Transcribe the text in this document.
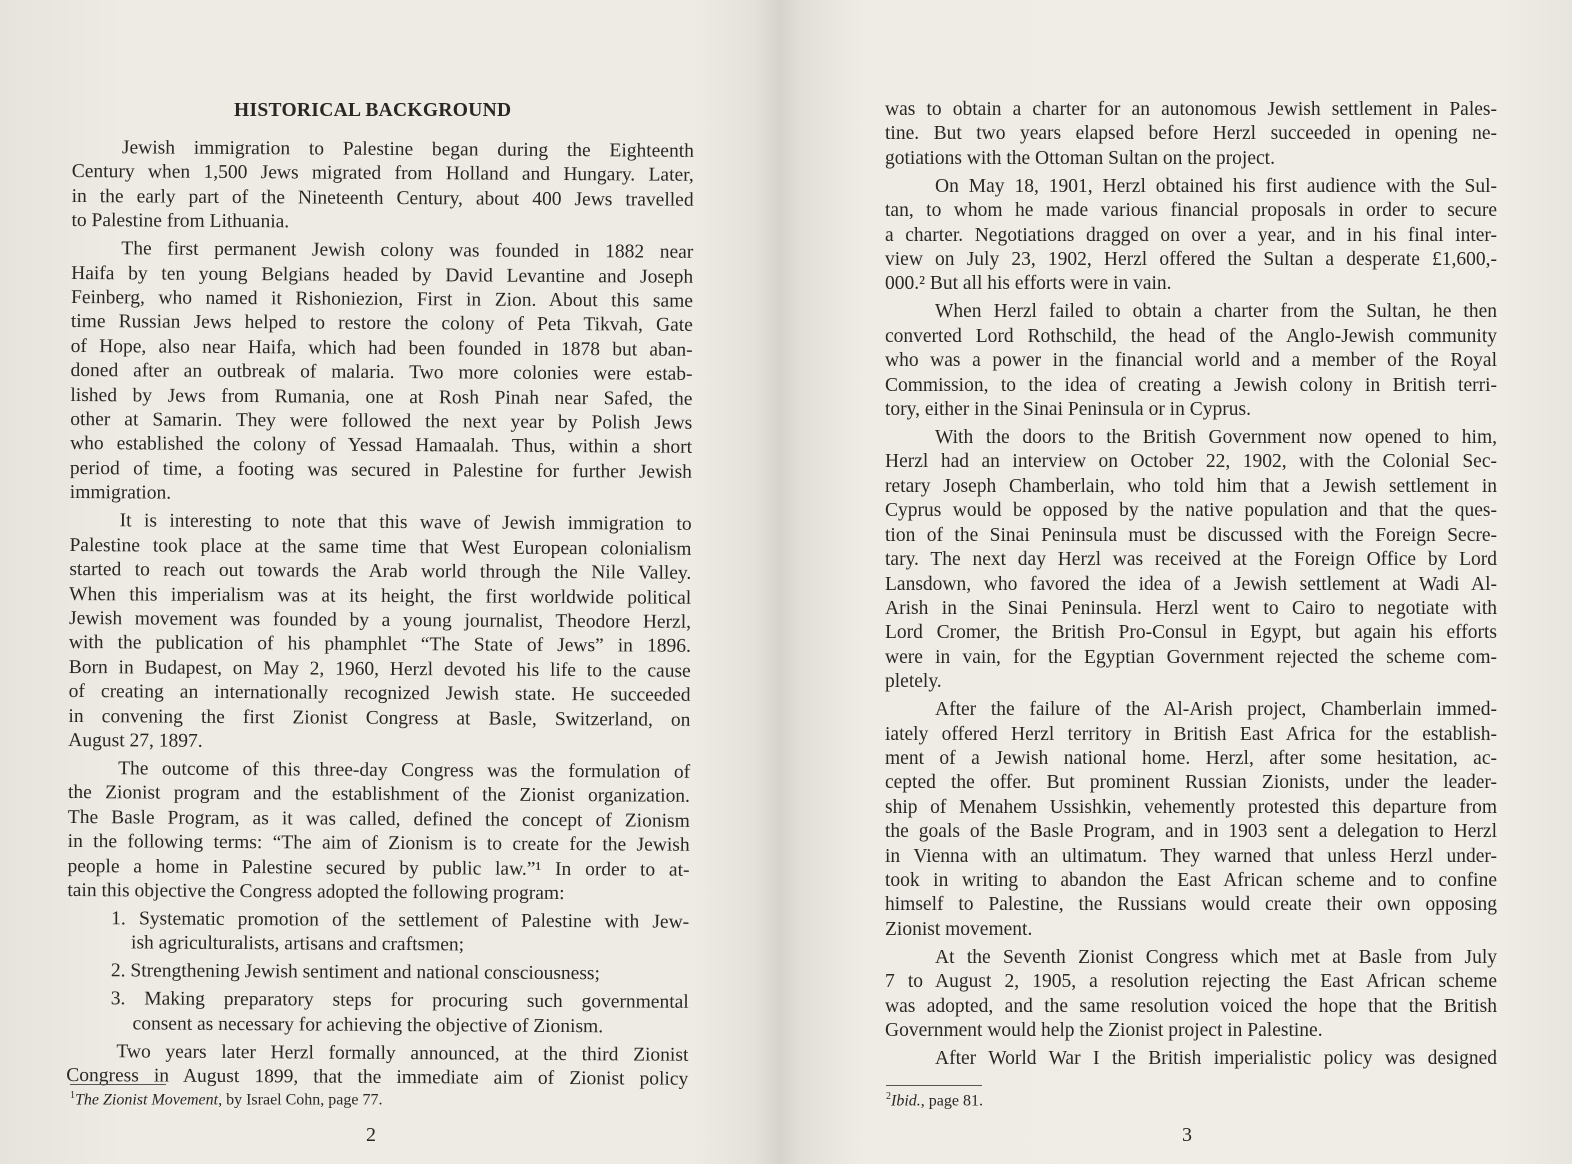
HISTORICAL BACKGROUND
Jewish immigration to Palestine began during the Eighteenth
Century when 1,500 Jews migrated from Holland and Hungary. Later,
in the early part of the Nineteenth Century, about 400 Jews travelled
to Palestine from Lithuania.
The first permanent Jewish colony was founded in 1882 near
Haifa by ten young Belgians headed by David Levantine and Joseph
Feinberg, who named it Rishoniezion, First in Zion. About this same
time Russian Jews helped to restore the colony of Peta Tikvah, Gate
of Hope, also near Haifa, which had been founded in 1878 but aban-
doned after an outbreak of malaria. Two more colonies were estab-
lished by Jews from Rumania, one at Rosh Pinah near Safed, the
other at Samarin. They were followed the next year by Polish Jews
who established the colony of Yessad Hamaalah. Thus, within a short
period of time, a footing was secured in Palestine for further Jewish
immigration.
It is interesting to note that this wave of Jewish immigration to
Palestine took place at the same time that West European colonialism
started to reach out towards the Arab world through the Nile Valley.
When this imperialism was at its height, the first worldwide political
Jewish movement was founded by a young journalist, Theodore Herzl,
with the publication of his phamphlet “The State of Jews” in 1896.
Born in Budapest, on May 2, 1960, Herzl devoted his life to the cause
of creating an internationally recognized Jewish state. He succeeded
in convening the first Zionist Congress at Basle, Switzerland, on
August 27, 1897.
The outcome of this three-day Congress was the formulation of
the Zionist program and the establishment of the Zionist organization.
The Basle Program, as it was called, defined the concept of Zionism
in the following terms: “The aim of Zionism is to create for the Jewish
people a home in Palestine secured by public law.”¹ In order to at-
tain this objective the Congress adopted the following program:
1. Systematic promotion of the settlement of Palestine with Jew-
ish agriculturalists, artisans and craftsmen;
2. Strengthening Jewish sentiment and national consciousness;
3. Making preparatory steps for procuring such governmental
consent as necessary for achieving the objective of Zionism.
Two years later Herzl formally announced, at the third Zionist
Congress in August 1899, that the immediate aim of Zionist policy
was to obtain a charter for an autonomous Jewish settlement in Pales-
tine. But two years elapsed before Herzl succeeded in opening ne-
gotiations with the Ottoman Sultan on the project.
On May 18, 1901, Herzl obtained his first audience with the Sul-
tan, to whom he made various financial proposals in order to secure
a charter. Negotiations dragged on over a year, and in his final inter-
view on July 23, 1902, Herzl offered the Sultan a desperate £1,600,-
000.² But all his efforts were in vain.
When Herzl failed to obtain a charter from the Sultan, he then
converted Lord Rothschild, the head of the Anglo-Jewish community
who was a power in the financial world and a member of the Royal
Commission, to the idea of creating a Jewish colony in British terri-
tory, either in the Sinai Peninsula or in Cyprus.
With the doors to the British Government now opened to him,
Herzl had an interview on October 22, 1902, with the Colonial Sec-
retary Joseph Chamberlain, who told him that a Jewish settlement in
Cyprus would be opposed by the native population and that the ques-
tion of the Sinai Peninsula must be discussed with the Foreign Secre-
tary. The next day Herzl was received at the Foreign Office by Lord
Lansdown, who favored the idea of a Jewish settlement at Wadi Al-
Arish in the Sinai Peninsula. Herzl went to Cairo to negotiate with
Lord Cromer, the British Pro-Consul in Egypt, but again his efforts
were in vain, for the Egyptian Government rejected the scheme com-
pletely.
After the failure of the Al-Arish project, Chamberlain immed-
iately offered Herzl territory in British East Africa for the establish-
ment of a Jewish national home. Herzl, after some hesitation, ac-
cepted the offer. But prominent Russian Zionists, under the leader-
ship of Menahem Ussishkin, vehemently protested this departure from
the goals of the Basle Program, and in 1903 sent a delegation to Herzl
in Vienna with an ultimatum. They warned that unless Herzl under-
took in writing to abandon the East African scheme and to confine
himself to Palestine, the Russians would create their own opposing
Zionist movement.
At the Seventh Zionist Congress which met at Basle from July
7 to August 2, 1905, a resolution rejecting the East African scheme
was adopted, and the same resolution voiced the hope that the British
Government would help the Zionist project in Palestine.
After World War I the British imperialistic policy was designed
$^1$The Zionist Movement, by Israel Cohn, page 77.	$^2$Ibid., page 81.
2	3
